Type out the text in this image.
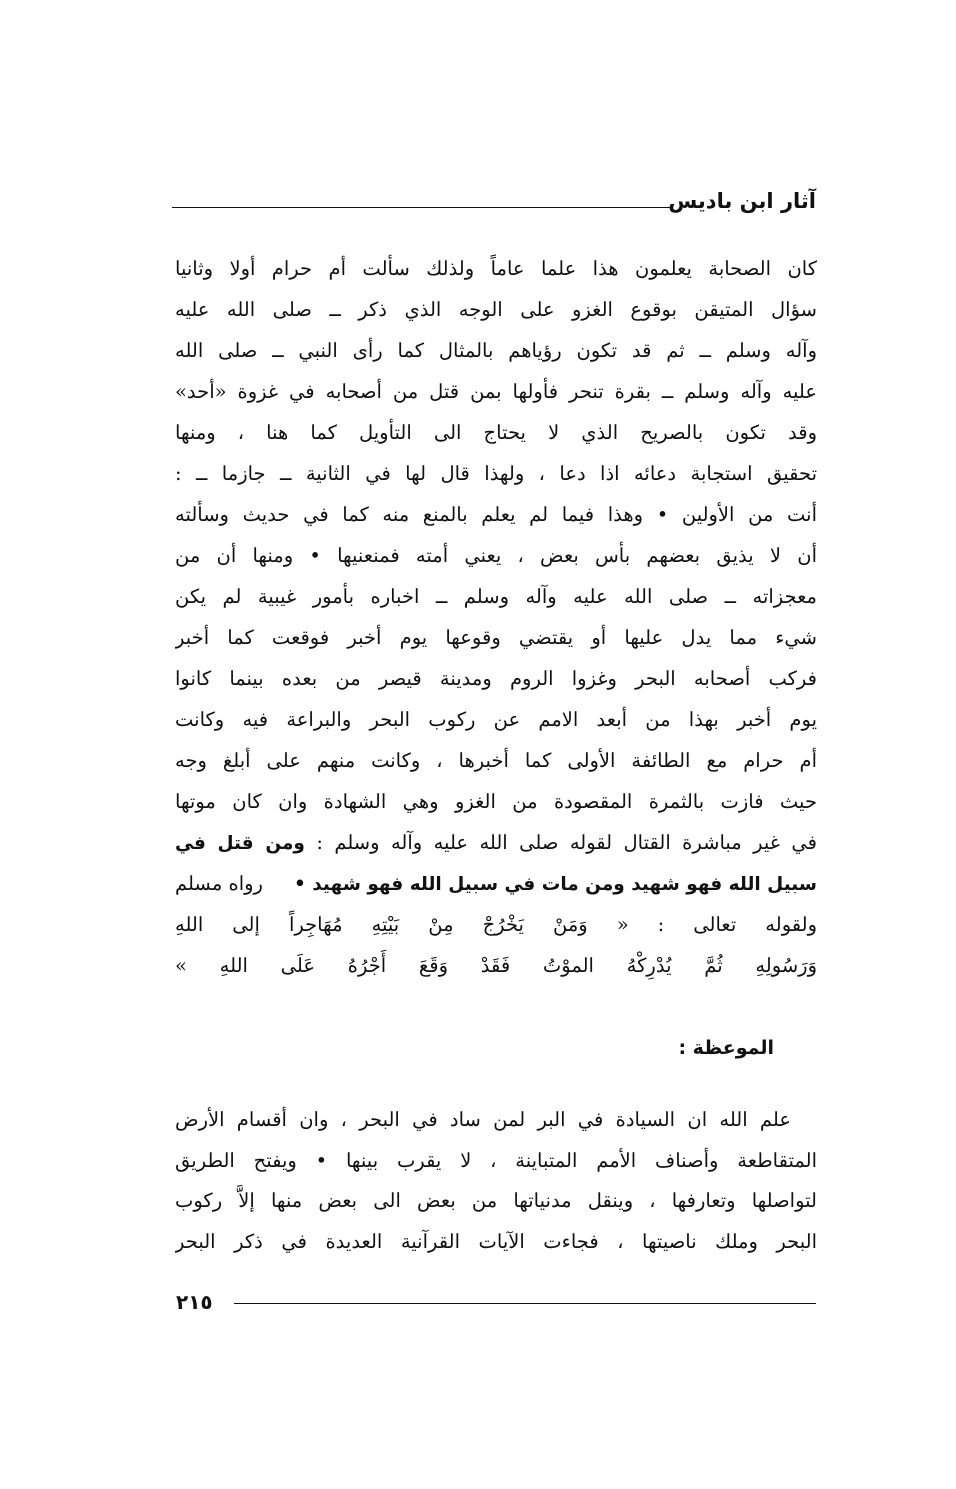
آثار ابن باديس
كان الصحابة يعلمون هذا علما عاماً ولذلك سألت أم حرام أولا وثانيا
سؤال المتيقن بوقوع الغزو على الوجه الذي ذكر ــ صلى الله عليه
وآله وسلم ــ ثم قد تكون رؤياهم بالمثال كما رأى النبي ــ صلى الله
عليه وآله وسلم ــ بقرة تنحر فأولها بمن قتل من أصحابه في غزوة «أحد»
وقد تكون بالصريح الذي لا يحتاج الى التأويل كما هنا ، ومنها
تحقيق استجابة دعائه اذا دعا ، ولهذا قال لها في الثانية ــ جازما ــ :
أنت من الأولين • وهذا فيما لم يعلم بالمنع منه كما في حديث وسألته
أن لا يذيق بعضهم بأس بعض ، يعني أمته فمنعنيها • ومنها أن من
معجزاته ــ صلى الله عليه وآله وسلم ــ اخباره بأمور غيبية لم يكن
شيء مما يدل عليها أو يقتضي وقوعها يوم أخبر فوقعت كما أخبر
فركب أصحابه البحر وغزوا الروم ومدينة قيصر من بعده بينما كانوا
يوم أخبر بهذا من أبعد الامم عن ركوب البحر والبراعة فيه وكانت
أم حرام مع الطائفة الأولى كما أخبرها ، وكانت منهم على أبلغ وجه
حيث فازت بالثمرة المقصودة من الغزو وهي الشهادة وان كان موتها
في غير مباشرة القتال لقوله صلى الله عليه وآله وسلم : ومن قتل في
سبيل الله فهو شهيد ومن مات في سبيل الله فهو شهيد •     رواه مسلم
ولقوله تعالى : « وَمَنْ يَخْرُجْ مِنْ بَيْتِهِ مُهَاجِراً إلى اللهِ
وَرَسُولِهِ ثُمَّ يُدْرِكْهُ الموْتُ فَقَدْ وَقَعَ أَجْرُهُ عَلَى اللهِ »
الموعظة :
علم الله ان السيادة في البر لمن ساد في البحر ، وان أقسام الأرض
المتقاطعة وأصناف الأمم المتباينة ، لا يقرب بينها • ويفتح الطريق
لتواصلها وتعارفها ، وينقل مدنياتها من بعض الى بعض منها إلاَّ ركوب
البحر وملك ناصيتها ، فجاءت الآيات القرآنية العديدة في ذكر البحر
٢١٥
